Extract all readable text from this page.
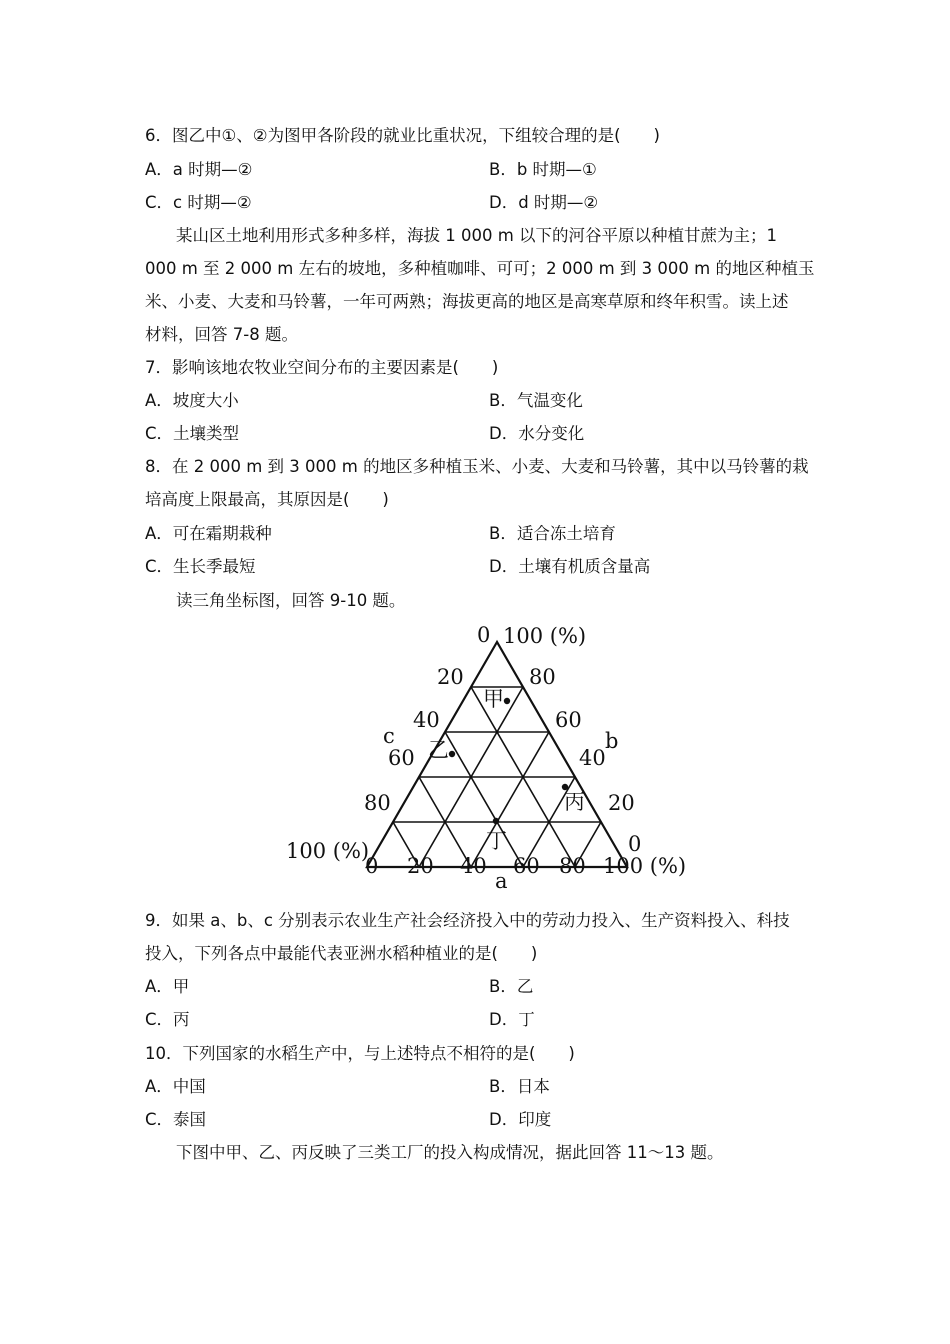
6．图乙中①、②为图甲各阶段的就业比重状况，下组较合理的是(　　)
A．a 时期—②	B．b 时期—①
C．c 时期—②	D．d 时期—②
某山区土地利用形式多种多样，海拔 1 000 m 以下的河谷平原以种植甘蔗为主；1
000 m 至 2 000 m 左右的坡地，多种植咖啡、可可；2 000 m 到 3 000 m 的地区种植玉
米、小麦、大麦和马铃薯，一年可两熟；海拔更高的地区是高寒草原和终年积雪。读上述
材料，回答 7-8 题。
7．影响该地农牧业空间分布的主要因素是(　　)
A．坡度大小	B．气温变化
C．土壤类型	D．水分变化
8．在 2 000 m 到 3 000 m 的地区多种植玉米、小麦、大麦和马铃薯，其中以马铃薯的栽
培高度上限最高，其原因是(　　)
A．可在霜期栽种	B．适合冻土培育
C．生长季最短	D．土壤有机质含量高
读三角坐标图，回答 9-10 题。
0 20 40 60 80 100 (%)
a
100 (%)
80
60
40
20
0
b
0
20
40
60
80
100 (%)
c
甲
乙
丙
丁
9．如果 a、b、c 分别表示农业生产社会经济投入中的劳动力投入、生产资料投入、科技
投入，下列各点中最能代表亚洲水稻种植业的是(　　)
A．甲	B．乙
C．丙	D．丁
10．下列国家的水稻生产中，与上述特点不相符的是(　　)
A．中国	B．日本
C．泰国	D．印度
下图中甲、乙、丙反映了三类工厂的投入构成情况，据此回答 11～13 题。
